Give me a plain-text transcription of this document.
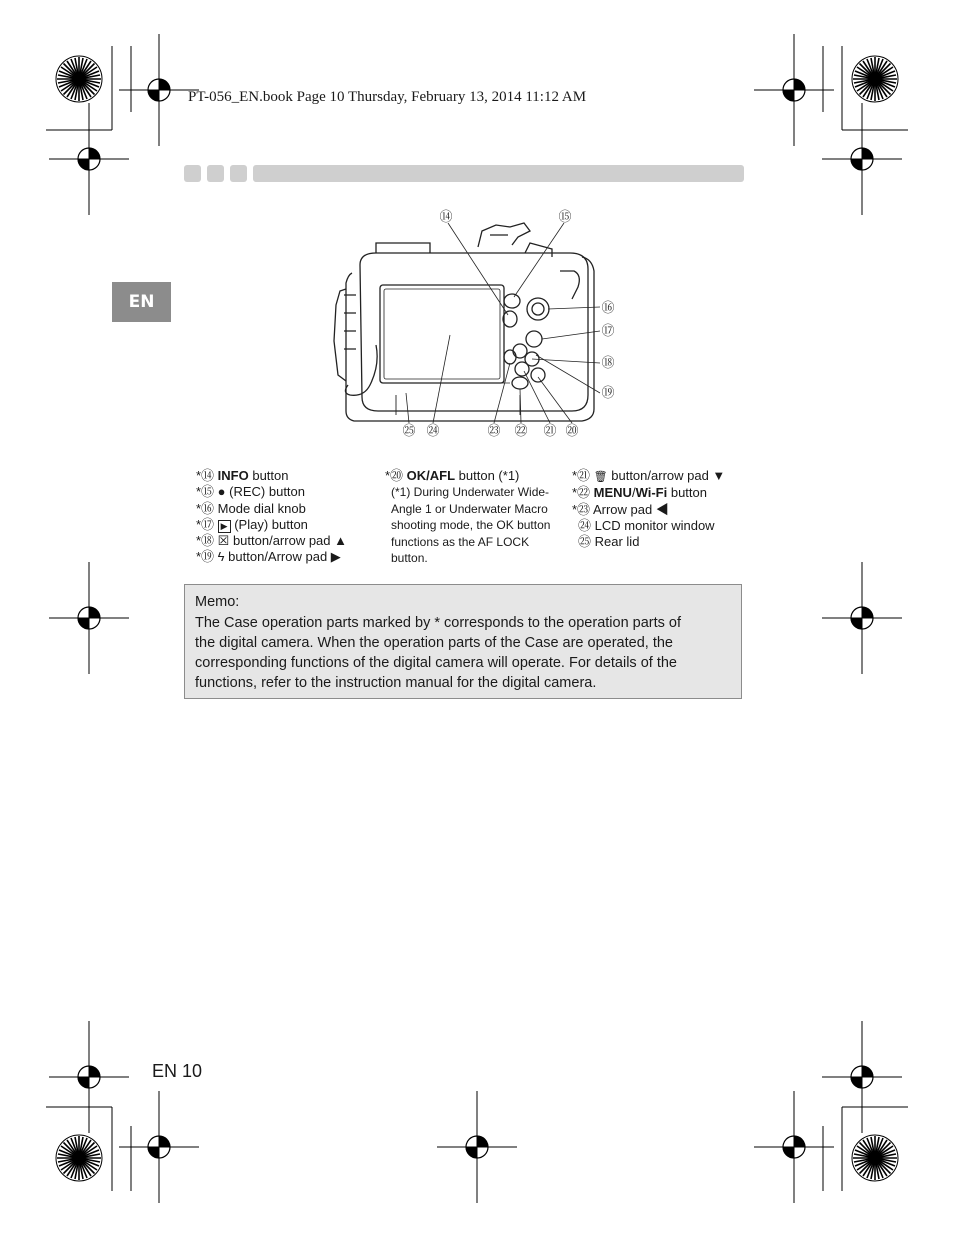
PT-056_EN.book Page 10 Thursday, February 13, 2014 11:12 AM
EN
⑭	⑮
⑯
⑰
⑱
⑲
⑳
㉑
㉒
㉓
㉔
㉕
*⑭ INFO button
*⑮ ● (REC) button
*⑯ Mode dial knob
*⑰ ▶ (Play) button
*⑱ ☒ button/arrow pad ▲
*⑲ ϟ button/Arrow pad ▶
*⑳ OK/AFL button (*1)
(*1) During Underwater Wide-
Angle 1 or Underwater Macro
shooting mode, the OK button
functions as the AF LOCK
button.
*㉑ 🗑 button/arrow pad ▼
*㉒ MENU/Wi-Fi button
*㉓ Arrow pad ◀
㉔ LCD monitor window
㉕ Rear lid
Memo:
The Case operation parts marked by * corresponds to the operation parts of
the digital camera. When the operation parts of the Case are operated, the
corresponding functions of the digital camera will operate. For details of the
functions, refer to the instruction manual for the digital camera.
EN 10
